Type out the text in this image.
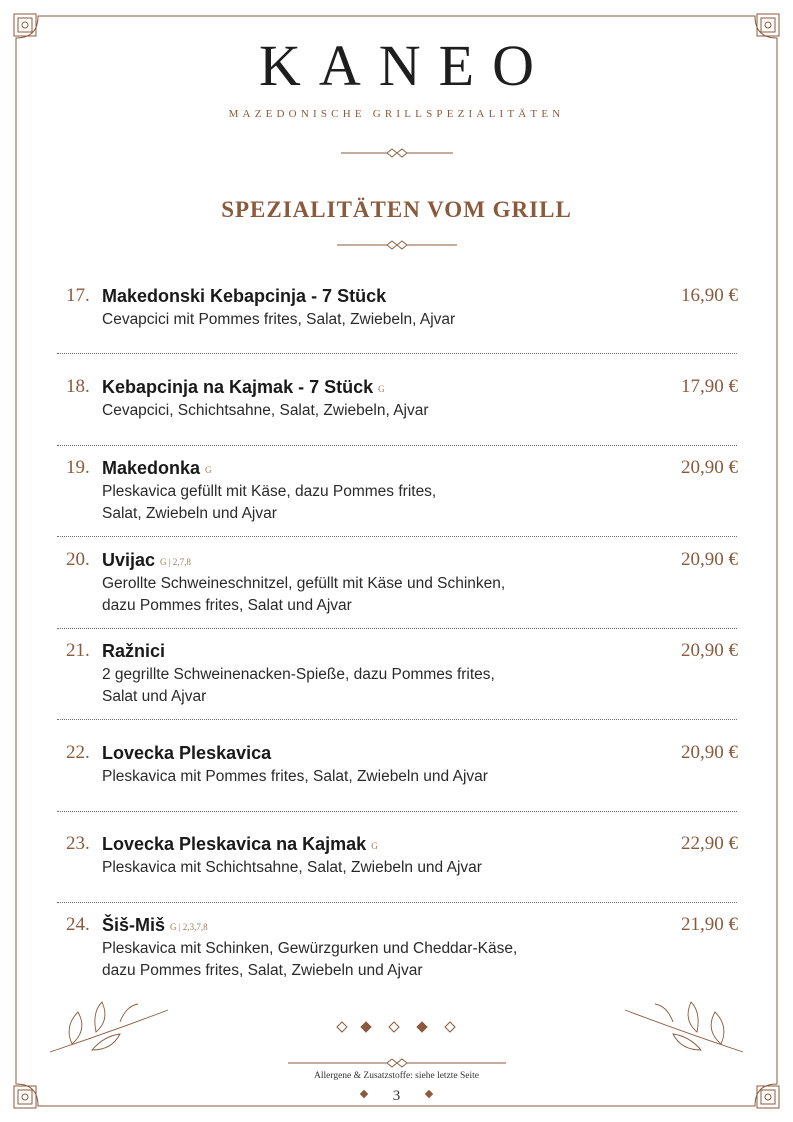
KANEO
MAZEDONISCHE GRILLSPEZIALITÄTEN
SPEZIALITÄTEN VOM GRILL
17. Makedonski Kebapcinja - 7 Stück
Cevapcici mit Pommes frites, Salat, Zwiebeln, Ajvar
16,90 €
18. Kebapcinja na Kajmak - 7 Stück G
Cevapcici, Schichtsahne, Salat, Zwiebeln, Ajvar
17,90 €
19. Makedonka G
Pleskavica gefüllt mit Käse, dazu Pommes frites,
Salat, Zwiebeln und Ajvar
20,90 €
20. Uvijac G | 2,7,8
Gerollte Schweineschnitzel, gefüllt mit Käse und Schinken,
dazu Pommes frites, Salat und Ajvar
20,90 €
21. Ražnici
2 gegrillte Schweinenacken-Spieße, dazu Pommes frites,
Salat und Ajvar
20,90 €
22. Lovecka Pleskavica
Pleskavica mit Pommes frites, Salat, Zwiebeln und Ajvar
20,90 €
23. Lovecka Pleskavica na Kajmak G
Pleskavica mit Schichtsahne, Salat, Zwiebeln und Ajvar
22,90 €
24. Šiš-Miš G | 2,3,7,8
Pleskavica mit Schinken, Gewürzgurken und Cheddar-Käse,
dazu Pommes frites, Salat, Zwiebeln und Ajvar
21,90 €
Allergene & Zusatzstoffe: siehe letzte Seite
3
